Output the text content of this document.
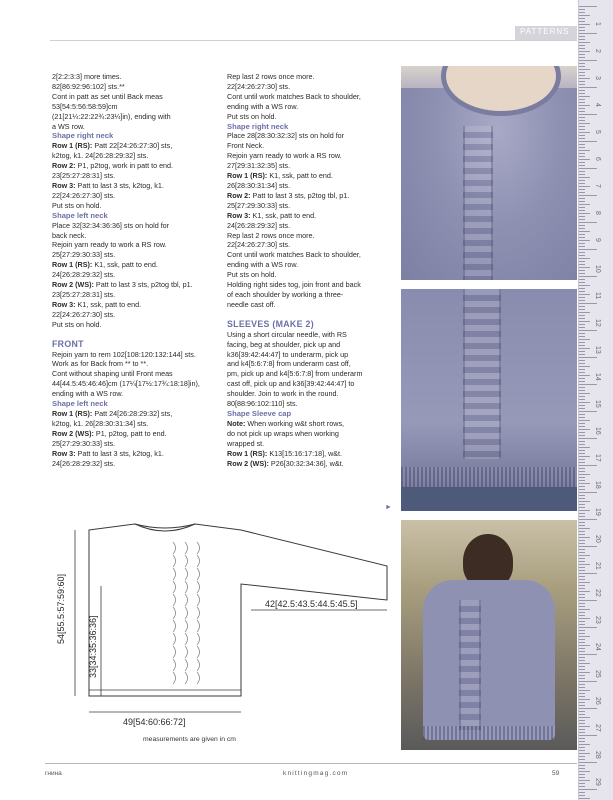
PATTERNS
1
2
3
4
5
6
7
8
9
10
11
12
13
14
15
16
17
18
19
20
21
22
23
24
25
26
27
28
29

2[2:2:3:3] more times.

82[86:92:96:102] sts.**

Cont in patt as set until Back meas

53[54:5:56:58:59]cm

(21[21¼:22:22¾:23¼]in), ending with

a WS row.

Shape right neck

Row 1 (RS): Patt 22[24:26:27:30] sts,

k2tog, k1. 24[26:28:29:32] sts.

Row 2: P1, p2tog, work in patt to end.

23[25:27:28:31] sts.

Row 3: Patt to last 3 sts, k2tog, k1.

22[24:26:27:30] sts.

Put sts on hold.

Shape left neck

Place 32[32:34:36:36] sts on hold for

back neck.

Rejoin yarn ready to work a RS row.

25[27:29:30:33] sts.

Row 1 (RS): K1, ssk, patt to end.

24[26:28:29:32] sts.

Row 2 (WS): Patt to last 3 sts, p2tog tbl, p1.

23[25:27:28:31] sts.

Row 3: K1, ssk, patt to end.

22[24:26:27:30] sts.

Put sts on hold.

FRONT

Rejoin yarn to rem 102[108:120:132:144] sts.

Work as for Back from ** to **.

Cont without shaping until Front meas

44[44.5:45:46:46]cm (17¼[17½:17¾:18:18]in),

ending with a WS row.

Shape left neck

Row 1 (RS): Patt 24[26:28:29:32] sts,

k2tog, k1. 26[28:30:31:34] sts.

Row 2 (WS): P1, p2tog, patt to end.

25[27:29:30:33] sts.

Row 3: Patt to last 3 sts, k2tog, k1.

24[26:28:29:32] sts.

Rep last 2 rows once more.

22[24:26:27:30] sts.

Cont until work matches Back to shoulder,

ending with a WS row.

Put sts on hold.

Shape right neck

Place 28[28:30:32:32] sts on hold for

Front Neck.

Rejoin yarn ready to work a RS row.

27[29:31:32:35] sts.

Row 1 (RS): K1, ssk, patt to end.

26[28:30:31:34] sts.

Row 2: Patt to last 3 sts, p2tog tbl, p1.

25[27:29:30:33] sts.

Row 3: K1, ssk, patt to end.

24[26:28:29:32] sts.

Rep last 2 rows once more.

22[24:26:27:30] sts.

Cont until work matches Back to shoulder,

ending with a WS row.

Put sts on hold.

Holding right sides tog, join front and back

of each shoulder by working a three-

needle cast off.

SLEEVES (MAKE 2)

Using a short circular needle, with RS

facing, beg at shoulder, pick up and

k36[39:42:44:47] to underarm, pick up

and k4[5:6:7:8] from underarm cast off,

pm, pick up and k4[5:6:7:8] from underarm

cast off, pick up and k36[39:42:44:47] to

shoulder. Join to work in the round.

80[88:96:102:110] sts.

Shape Sleeve cap

Note: When working w&t short rows,

do not pick up wraps when working

wrapped st.

Row 1 (RS): K13[15:16:17:18], w&t.

Row 2 (WS): P26[30:32:34:36], w&t.

►
54[55.5:57:59:60]
33[34:35:36:36]
42[42.5:43.5:44.5:45.5]
49[54:60:66:72]
measurements are given in cm
гнина	knittingmag.com	59
